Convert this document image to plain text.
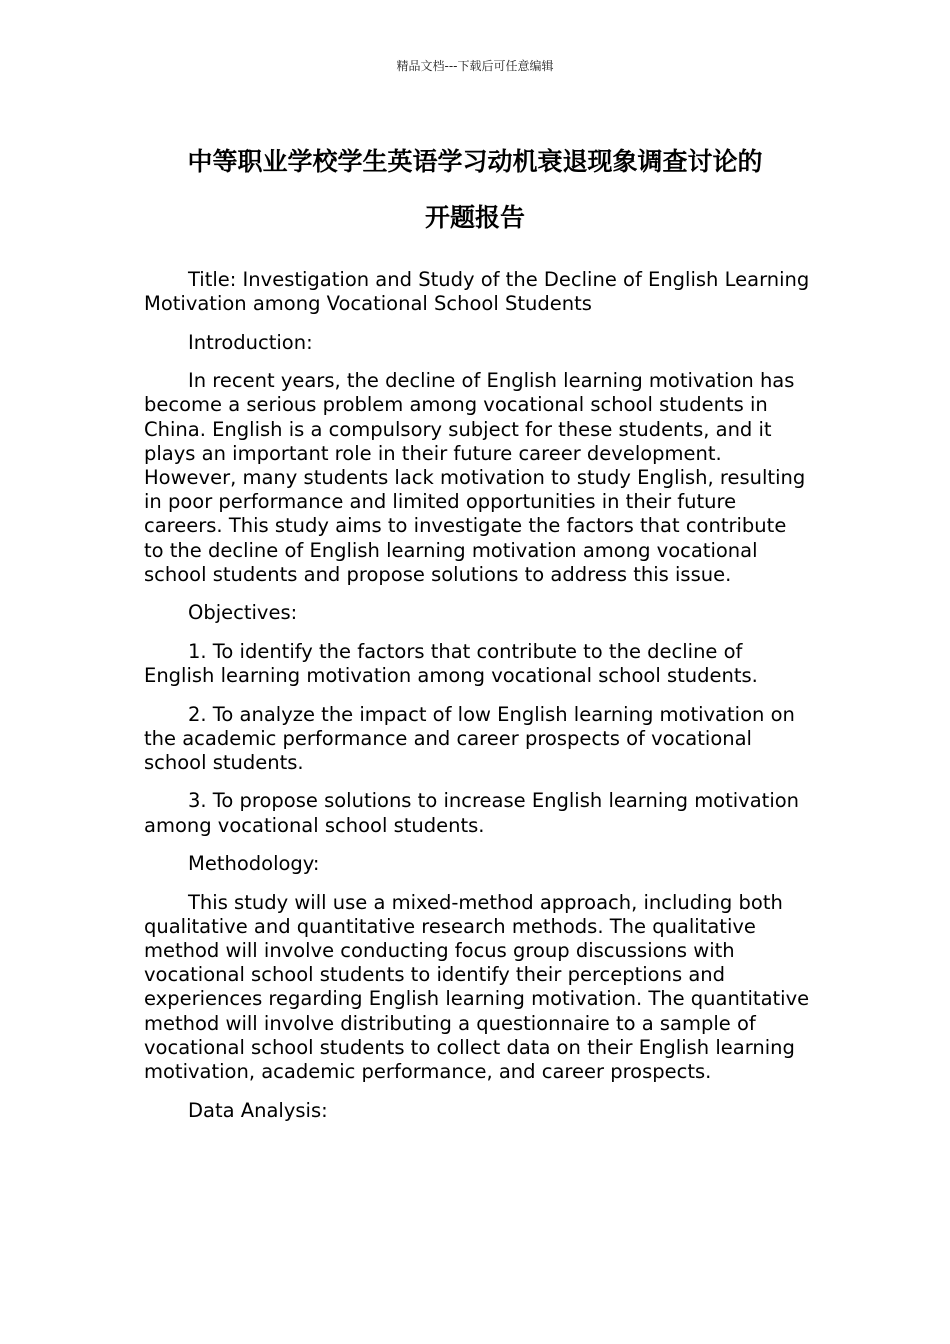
精品文档---下载后可任意编辑
中等职业学校学生英语学习动机衰退现象调查讨论的
开题报告

Title: Investigation and Study of the Decline of English Learning Motivation among Vocational School Students

Introduction:

In recent years, the decline of English learning motivation has become a serious problem among vocational school students in China. English is a compulsory subject for these students, and it plays an important role in their future career development. However, many students lack motivation to study English, resulting in poor performance and limited opportunities in their future careers. This study aims to investigate the factors that contribute to the decline of English learning motivation among vocational school students and propose solutions to address this issue.

Objectives:

1. To identify the factors that contribute to the decline of English learning motivation among vocational school students.

2. To analyze the impact of low English learning motivation on the academic performance and career prospects of vocational school students.

3. To propose solutions to increase English learning motivation among vocational school students.

Methodology:

This study will use a mixed-method approach, including both qualitative and quantitative research methods. The qualitative method will involve conducting focus group discussions with vocational school students to identify their perceptions and experiences regarding English learning motivation. The quantitative method will involve distributing a questionnaire to a sample of vocational school students to collect data on their English learning motivation, academic performance, and career prospects.

Data Analysis:
